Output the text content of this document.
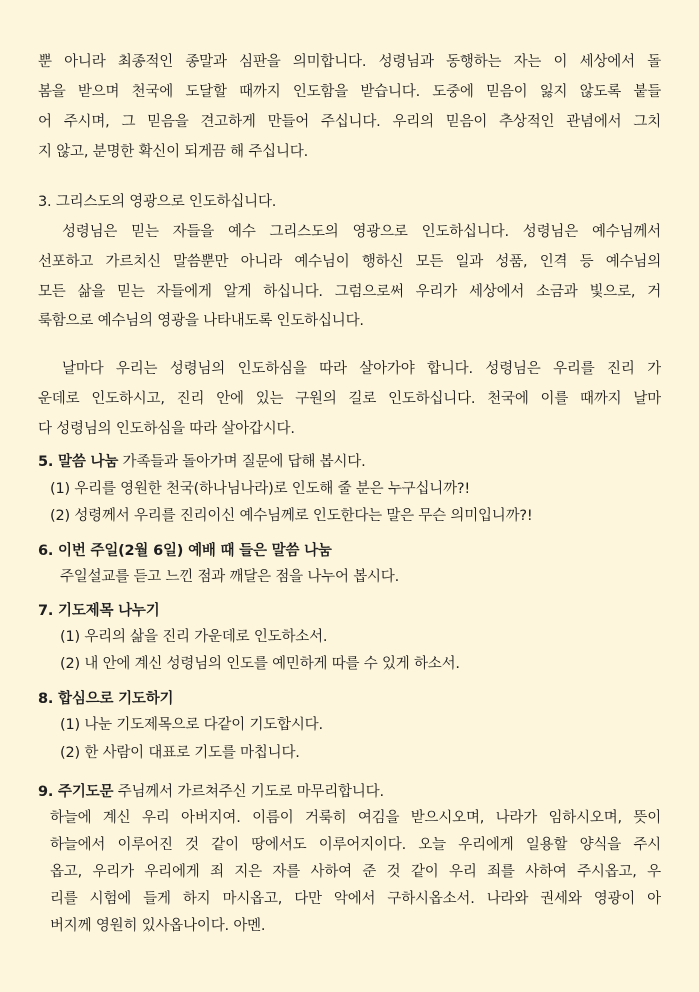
뿐 아니라 최종적인 종말과 심판을 의미합니다. 성령님과 동행하는 자는 이 세상에서 돌
봄을 받으며 천국에 도달할 때까지 인도함을 받습니다. 도중에 믿음이 잃지 않도록 붙들
어 주시며, 그 믿음을 견고하게 만들어 주십니다. 우리의 믿음이 추상적인 관념에서 그치
지 않고, 분명한 확신이 되게끔 해 주십니다.
3. 그리스도의 영광으로 인도하십니다.
성령님은 믿는 자들을 예수 그리스도의 영광으로 인도하십니다. 성령님은 예수님께서
선포하고 가르치신 말씀뿐만 아니라 예수님이 행하신 모든 일과 성품, 인격 등 예수님의
모든 삶을 믿는 자들에게 알게 하십니다. 그럼으로써 우리가 세상에서 소금과 빛으로, 거
룩함으로 예수님의 영광을 나타내도록 인도하십니다.
날마다 우리는 성령님의 인도하심을 따라 살아가야 합니다. 성령님은 우리를 진리 가
운데로 인도하시고, 진리 안에 있는 구원의 길로 인도하십니다. 천국에 이를 때까지 날마
다 성령님의 인도하심을 따라 살아갑시다.
5. 말씀 나눔 가족들과 돌아가며 질문에 답해 봅시다.
(1) 우리를 영원한 천국(하나님나라)로 인도해 줄 분은 누구십니까?!
(2) 성령께서 우리를 진리이신 예수님께로 인도한다는 말은 무슨 의미입니까?!
6. 이번 주일(2월 6일) 예배 때 들은 말씀 나눔
주일설교를 듣고 느낀 점과 깨달은 점을 나누어 봅시다.
7. 기도제목 나누기
(1) 우리의 삶을 진리 가운데로 인도하소서.
(2) 내 안에 계신 성령님의 인도를 예민하게 따를 수 있게 하소서.
8. 합심으로 기도하기
(1) 나눈 기도제목으로 다같이 기도합시다.
(2) 한 사람이 대표로 기도를 마칩니다.
9. 주기도문 주님께서 가르쳐주신 기도로 마무리합니다.
하늘에 계신 우리 아버지여. 이름이 거룩히 여김을 받으시오며, 나라가 임하시오며, 뜻이
하늘에서 이루어진 것 같이 땅에서도 이루어지이다. 오늘 우리에게 일용할 양식을 주시
옵고, 우리가 우리에게 죄 지은 자를 사하여 준 것 같이 우리 죄를 사하여 주시옵고, 우
리를 시험에 들게 하지 마시옵고, 다만 악에서 구하시옵소서. 나라와 권세와 영광이 아
버지께 영원히 있사옵나이다. 아멘.
